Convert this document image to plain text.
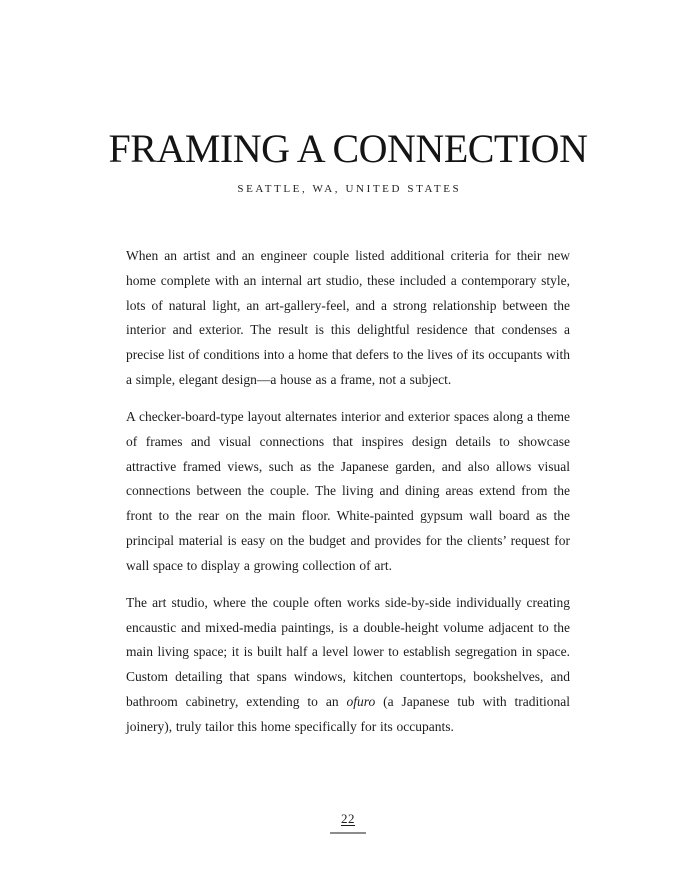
FRAMING A CONNECTION
SEATTLE, WA, UNITED STATES

When an artist and an engineer couple listed additional criteria for their new home complete with an internal art studio, these included a contemporary style, lots of natural light, an art-gallery-feel, and a strong relationship between the interior and exterior. The result is this delightful residence that condenses a precise list of conditions into a home that defers to the lives of its occupants with a simple, elegant design—a house as a frame, not a subject.

A checker-board-type layout alternates interior and exterior spaces along a theme of frames and visual connections that inspires design details to showcase attractive framed views, such as the Japanese garden, and also allows visual connections between the couple. The living and dining areas extend from the front to the rear on the main floor. White-painted gypsum wall board as the principal material is easy on the budget and provides for the clients’ request for wall space to display a growing collection of art.

The art studio, where the couple often works side-by-side individually creating encaustic and mixed-media paintings, is a double-height volume adjacent to the main living space; it is built half a level lower to establish segregation in space. Custom detailing that spans windows, kitchen countertops, bookshelves, and bathroom cabinetry, extending to an ofuro (a Japanese tub with traditional joinery), truly tailor this home specifically for its occupants.

22
